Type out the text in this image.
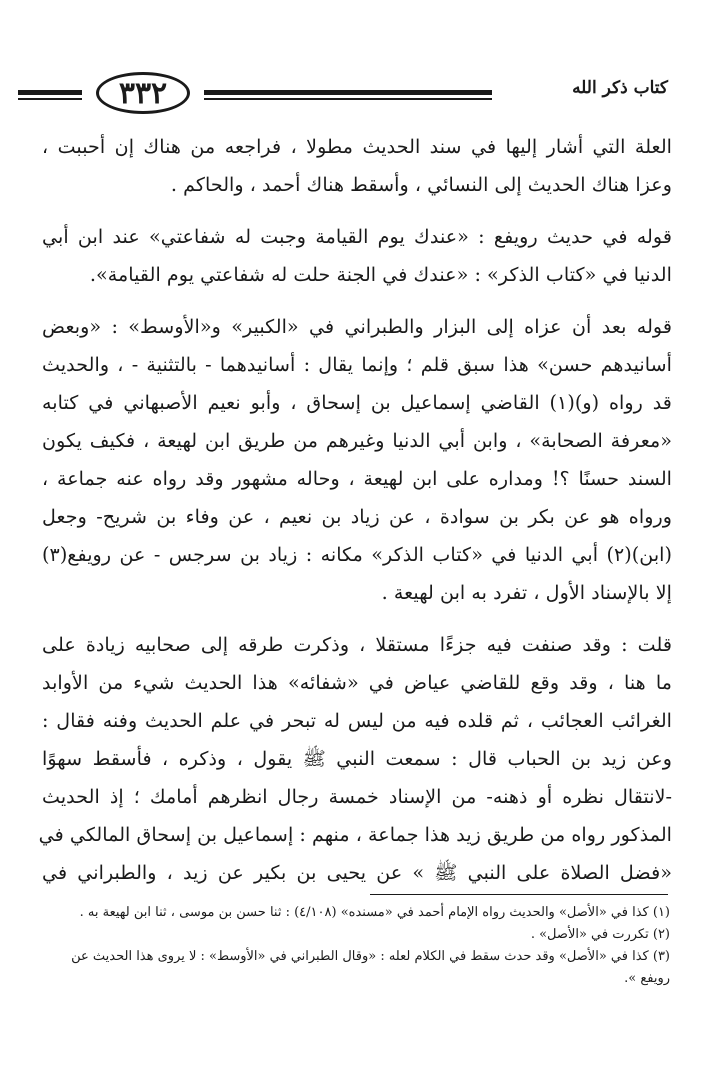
٣٣٢	كتاب ذكر الله
العلة التي أشار إليها في سند الحديث مطولا ، فراجعه من هناك إن أحببت ،
وعزا هناك الحديث إلى النسائي ، وأسقط هناك أحمد ، والحاكم .
قوله في حديث رويفع : «عندك يوم القيامة وجبت له شفاعتي» عند ابن أبي
الدنيا في «كتاب الذكر» : «عندك في الجنة حلت له شفاعتي يوم القيامة».
قوله بعد أن عزاه إلى البزار والطبراني في «الكبير» و«الأوسط» : «وبعض
أسانيدهم حسن» هذا سبق قلم ؛ وإنما يقال : أسانيدهما - بالتثنية - ، والحديث
قد رواه (و)(١) القاضي إسماعيل بن إسحاق ، وأبو نعيم الأصبهاني في كتابه
«معرفة الصحابة» ، وابن أبي الدنيا وغيرهم من طريق ابن لهيعة ، فكيف يكون
السند حسنًا ؟! ومداره على ابن لهيعة ، وحاله مشهور وقد رواه عنه جماعة ،
ورواه هو عن بكر بن سوادة ، عن زياد بن نعيم ، عن وفاء بن شريح- وجعل
(ابن)(٢) أبي الدنيا في «كتاب الذكر» مكانه : زياد بن سرجس - عن رويفع(٣)
إلا بالإسناد الأول ، تفرد به ابن لهيعة .
قلت : وقد صنفت فيه جزءًا مستقلا ، وذكرت طرقه إلى صحابيه زيادة على
ما هنا ، وقد وقع للقاضي عياض في «شفائه» هذا الحديث شيء من الأوابد
الغرائب العجائب ، ثم قلده فيه من ليس له تبحر في علم الحديث وفنه فقال :
وعن زيد بن الحباب قال : سمعت النبي ﷺ يقول ، وذكره ، فأسقط سهوًا
-لانتقال نظره أو ذهنه- من الإسناد خمسة رجال انظرهم أمامك ؛ إذ الحديث
المذكور رواه من طريق زيد هذا جماعة ، منهم : إسماعيل بن إسحاق المالكي في
«فضل الصلاة على النبي ﷺ » عن يحيى بن بكير عن زيد ، والطبراني في
(١) كذا في «الأصل» والحديث رواه الإمام أحمد في «مسنده» (٤/١٠٨) : ثنا حسن بن موسى ، ثنا ابن لهيعة به .
(٢) تكررت في «الأصل» .
(٣) كذا في «الأصل» وقد حدث سقط في الكلام لعله : «وقال الطبراني في «الأوسط» : لا يروى هذا الحديث عن
رويفع ».
